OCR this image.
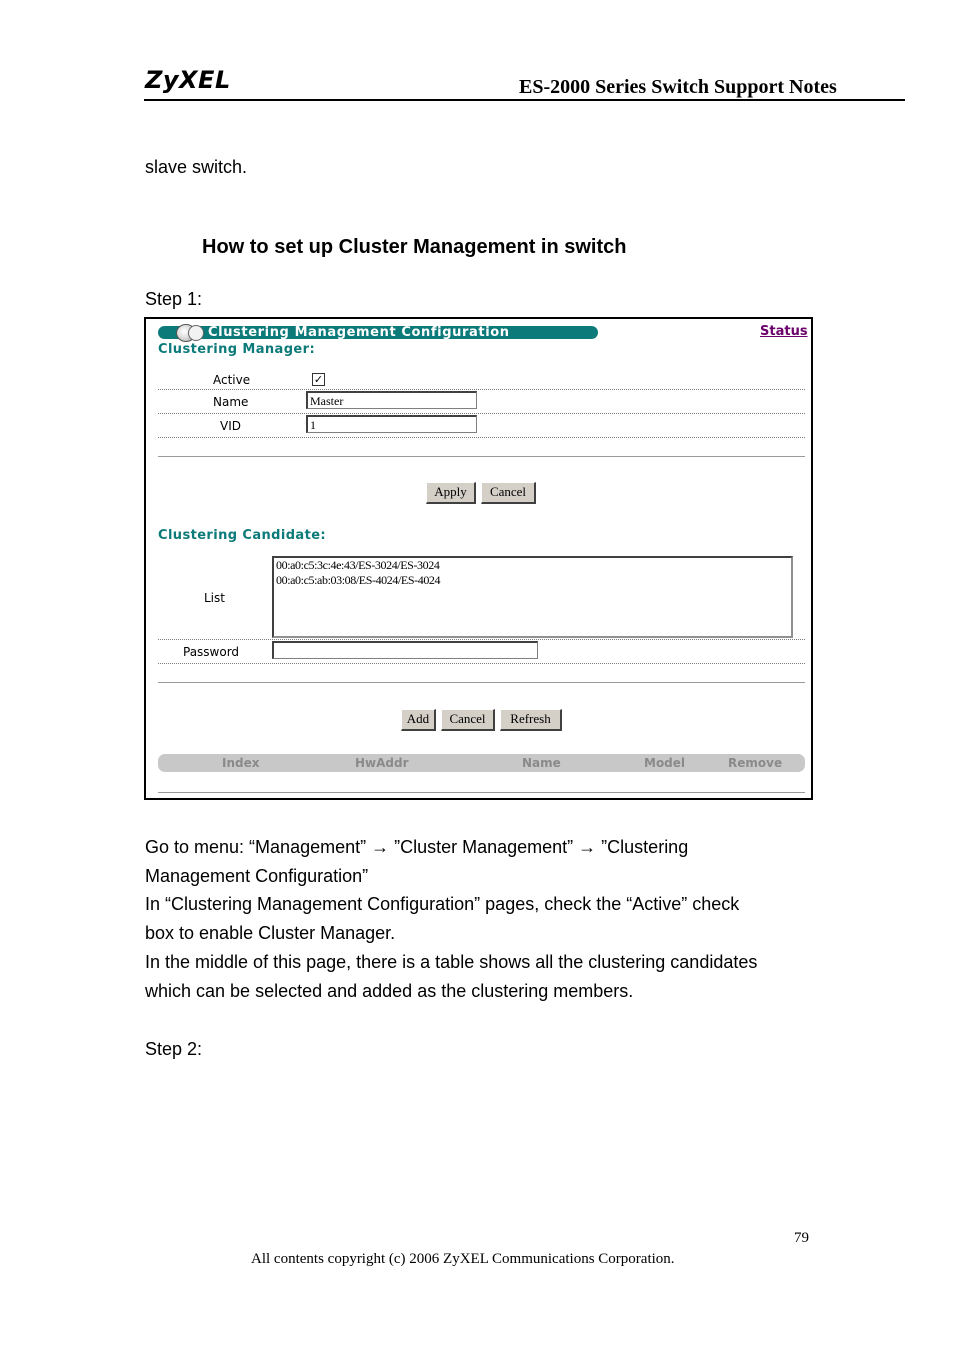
ZyXEL	ES-2000 Series Switch Support Notes
slave switch.
How to set up Cluster Management in switch
Step 1:
Clustering Management Configuration	Status
Clustering Manager:
Active	✓
Name	Master
VID	1
Apply	Cancel
Clustering Candidate:
List
00:a0:c5:3c:4e:43/ES-3024/ES-3024
00:a0:c5:ab:03:08/ES-4024/ES-4024
Password
Add	Cancel	Refresh
Index	HwAddr	Name	Model	Remove
Go to menu: “Management” → ”Cluster Management” → ”Clustering
Management Configuration”
In “Clustering Management Configuration” pages, check the “Active” check
box to enable Cluster Manager.
In the middle of this page, there is a table shows all the clustering candidates
which can be selected and added as the clustering members.
Step 2:
79
All contents copyright (c) 2006 ZyXEL Communications Corporation.
